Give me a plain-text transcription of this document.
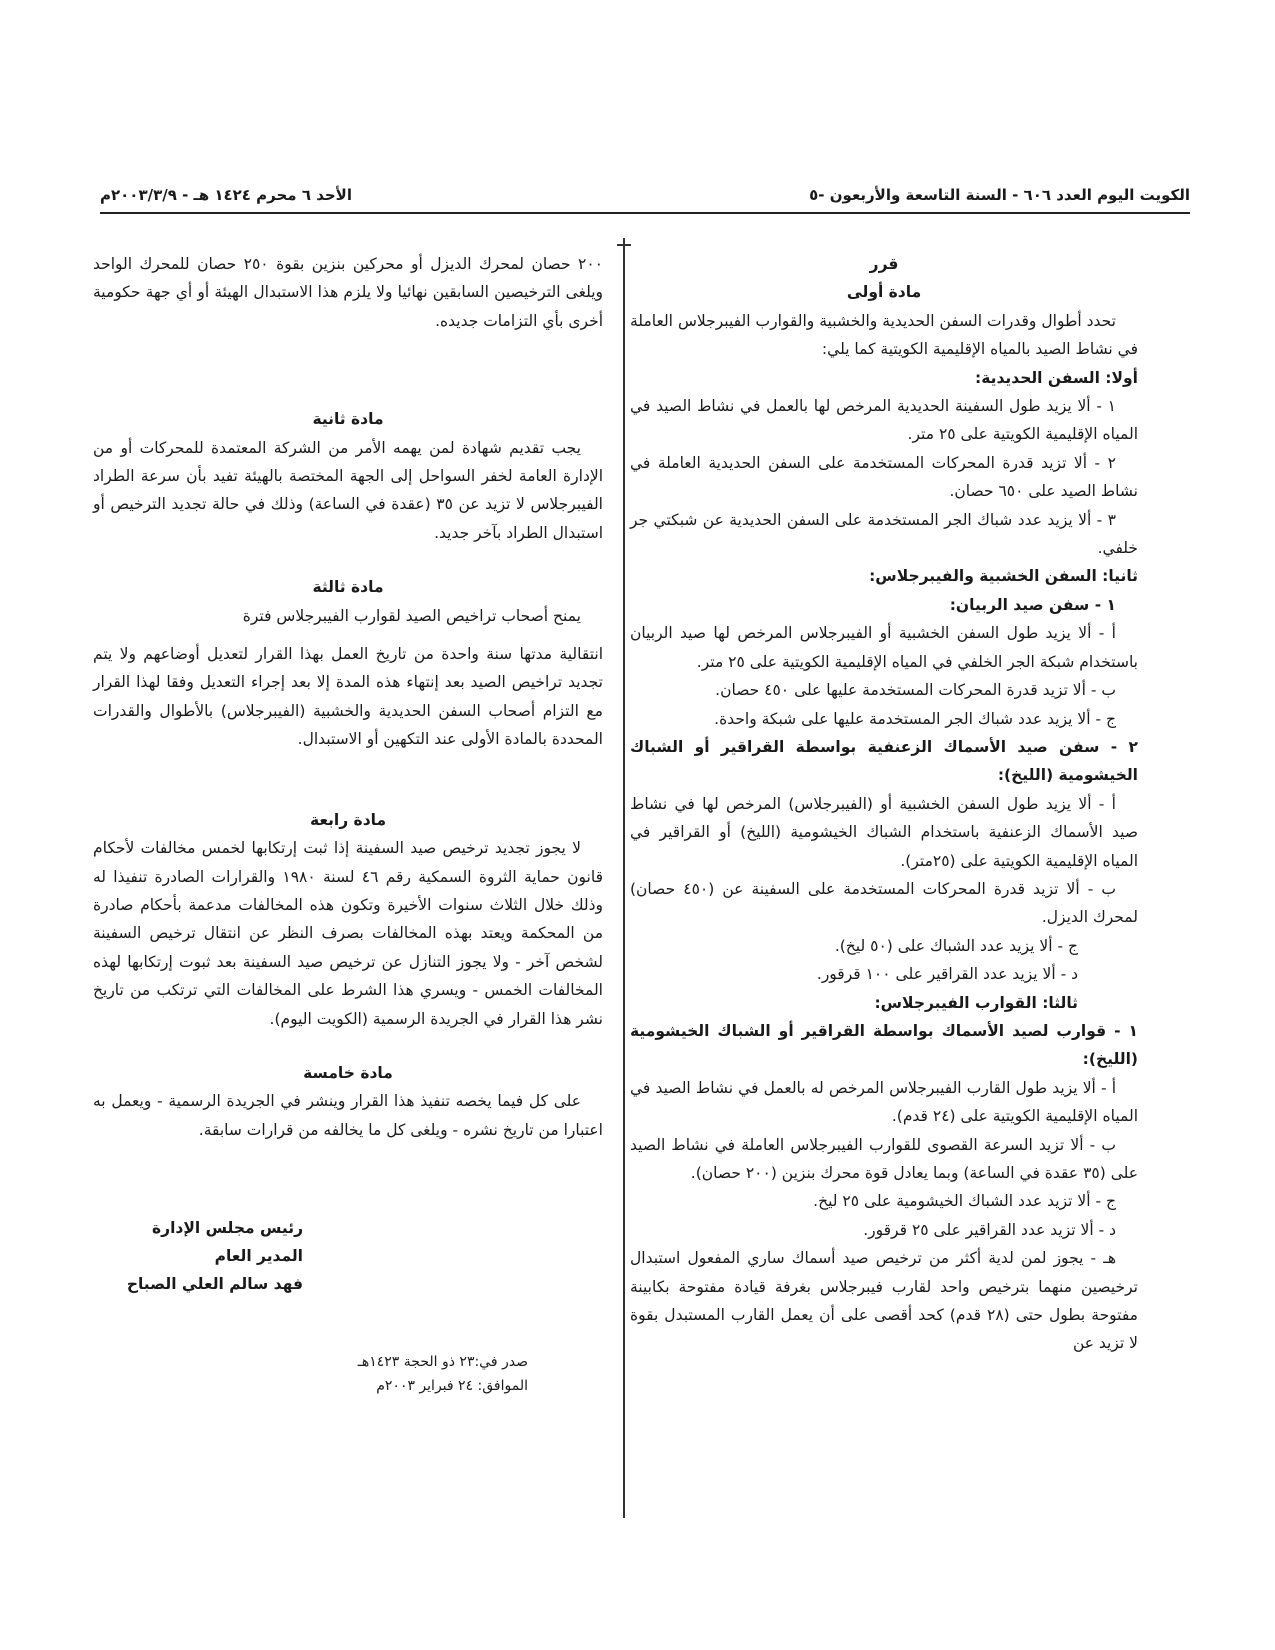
الكويت اليوم العدد ٦٠٦ - السنة التاسعة والأربعون -٥
الأحد ٦ محرم ١٤٢٤ هـ - ٢٠٠٣/٣/٩م

قرر

مادة أولى

تحدد أطوال وقدرات السفن الحديدية والخشبية والقوارب الفيبرجلاس العاملة في نشاط الصيد بالمياه الإقليمية الكويتية كما يلي:

أولا: السفن الحديدية:

١ - ألا يزيد طول السفينة الحديدية المرخص لها بالعمل في نشاط الصيد في المياه الإقليمية الكويتية على ٢٥ متر.

٢ - ألا تزيد قدرة المحركات المستخدمة على السفن الحديدية العاملة في نشاط الصيد على ٦٥٠ حصان.

٣ - ألا يزيد عدد شباك الجر المستخدمة على السفن الحديدية عن شبكتي جر خلفي.

ثانيا: السفن الخشبية والفيبرجلاس:

١ - سفن صيد الربيان:

أ - ألا يزيد طول السفن الخشبية أو الفيبرجلاس المرخص لها صيد الربيان باستخدام شبكة الجر الخلفي في المياه الإقليمية الكويتية على ٢٥ متر.

ب - ألا تزيد قدرة المحركات المستخدمة عليها على ٤٥٠ حصان.

ج - ألا يزيد عدد شباك الجر المستخدمة عليها على شبكة واحدة.

٢ - سفن صيد الأسماك الزعنفية بواسطة القراقير أو الشباك الخيشومية (الليخ):

أ - ألا يزيد طول السفن الخشبية أو (الفيبرجلاس) المرخص لها في نشاط صيد الأسماك الزعنفية باستخدام الشباك الخيشومية (الليخ) أو القراقير في المياه الإقليمية الكويتية على (٢٥متر).

ب - ألا تزيد قدرة المحركات المستخدمة على السفينة عن (٤٥٠ حصان) لمحرك الديزل.

ج - ألا يزيد عدد الشباك على (٥٠ ليخ).

د - ألا يزيد عدد القراقير على ١٠٠ قرقور.

ثالثا: القوارب الفيبرجلاس:

١ - قوارب لصيد الأسماك بواسطة القراقير أو الشباك الخيشومية (الليخ):

أ - ألا يزيد طول القارب الفيبرجلاس المرخص له بالعمل في نشاط الصيد في المياه الإقليمية الكويتية على (٢٤ قدم).

ب - ألا تزيد السرعة القصوى للقوارب الفيبرجلاس العاملة في نشاط الصيد على (٣٥ عقدة في الساعة) وبما يعادل قوة محرك بنزين (٢٠٠ حصان).

ج - ألا تزيد عدد الشباك الخيشومية على ٢٥ ليخ.

د - ألا تزيد عدد القراقير على ٢٥ قرقور.

هـ - يجوز لمن لدية أكثر من ترخيص صيد أسماك ساري المفعول استبدال ترخيصين منهما بترخيص واحد لقارب فيبرجلاس بغرفة قيادة مفتوحة بكابينة مفتوحة بطول حتى (٢٨ قدم) كحد أقصى على أن يعمل القارب المستبدل بقوة لا تزيد عن

٢٠٠ حصان لمحرك الديزل أو محركين بنزين بقوة ٢٥٠ حصان للمحرك الواحد ويلغى الترخيصين السابقين نهائيا ولا يلزم هذا الاستبدال الهيئة أو أي جهة حكومية أخرى بأي التزامات جديده.

مادة ثانية

يجب تقديم شهادة لمن يهمه الأمر من الشركة المعتمدة للمحركات أو من الإدارة العامة لخفر السواحل إلى الجهة المختصة بالهيئة تفيد بأن سرعة الطراد الفيبرجلاس لا تزيد عن ٣٥ (عقدة في الساعة) وذلك في حالة تجديد الترخيص أو استبدال الطراد بآخر جديد.

مادة ثالثة

يمنح أصحاب تراخيص الصيد لقوارب الفيبرجلاس فترة

انتقالية مدتها سنة واحدة من تاريخ العمل بهذا القرار لتعديل أوضاعهم ولا يتم تجديد تراخيص الصيد بعد إنتهاء هذه المدة إلا بعد إجراء التعديل وفقا لهذا القرار مع التزام أصحاب السفن الحديدية والخشبية (الفيبرجلاس) بالأطوال والقدرات المحددة بالمادة الأولى عند التكهين أو الاستبدال.

مادة رابعة

لا يجوز تجديد ترخيص صيد السفينة إذا ثبت إرتكابها لخمس مخالفات لأحكام قانون حماية الثروة السمكية رقم ٤٦ لسنة ١٩٨٠ والقرارات الصادرة تنفيذا له وذلك خلال الثلاث سنوات الأخيرة وتكون هذه المخالفات مدعمة بأحكام صادرة من المحكمة ويعتد بهذه المخالفات بصرف النظر عن انتقال ترخيص السفينة لشخص آخر - ولا يجوز التنازل عن ترخيص صيد السفينة بعد ثبوت إرتكابها لهذه المخالفات الخمس - ويسري هذا الشرط على المخالفات التي ترتكب من تاريخ نشر هذا القرار في الجريدة الرسمية (الكويت اليوم).

مادة خامسة

على كل فيما يخصه تنفيذ هذا القرار وينشر في الجريدة الرسمية - ويعمل به اعتبارا من تاريخ نشره - ويلغى كل ما يخالفه من قرارات سابقة.

رئيس مجلس الإدارة

المدير العام

فهد سالم العلي الصباح

صدر في:٢٣ ذو الحجة ١٤٢٣هـ

الموافق: ٢٤ فبراير ٢٠٠٣م
